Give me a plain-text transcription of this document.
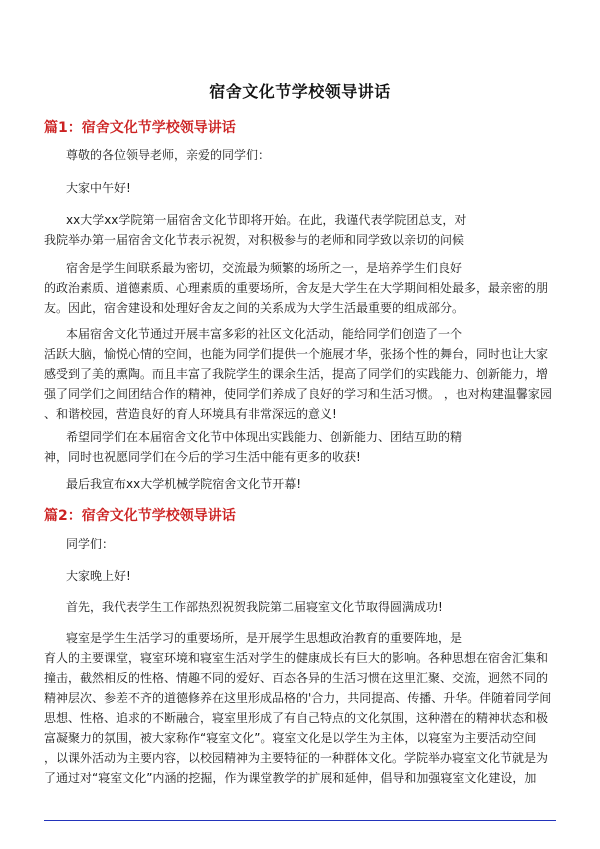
宿舍文化节学校领导讲话
篇1：宿舍文化节学校领导讲话
尊敬的各位领导老师，亲爱的同学们：
大家中午好!
xx大学xx学院第一届宿舍文化节即将开始。在此，我谨代表学院团总支，对
我院举办第一届宿舍文化节表示祝贺，对积极参与的老师和同学致以亲切的问候
宿舍是学生间联系最为密切，交流最为频繁的场所之一，是培养学生们良好
的政治素质、道德素质、心理素质的重要场所，舍友是大学生在大学期间相处最多，最亲密的朋
友。因此，宿舍建设和处理好舍友之间的关系成为大学生活最重要的组成部分。
本届宿舍文化节通过开展丰富多彩的社区文化活动，能给同学们创造了一个
活跃大脑，愉悦心情的空间，也能为同学们提供一个施展才华，张扬个性的舞台，同时也让大家
感受到了美的熏陶。而且丰富了我院学生的课余生活，提高了同学们的实践能力、创新能力，增
强了同学们之间团结合作的精神，使同学们养成了良好的学习和生活习惯。 ，也对构建温馨家园
、和谐校园，营造良好的育人环境具有非常深远的意义!
希望同学们在本届宿舍文化节中体现出实践能力、创新能力、团结互助的精
神，同时也祝愿同学们在今后的学习生活中能有更多的收获!
最后我宣布xx大学机械学院宿舍文化节开幕!
篇2：宿舍文化节学校领导讲话
同学们：
大家晚上好!
首先，我代表学生工作部热烈祝贺我院第二届寝室文化节取得圆满成功!
寝室是学生生活学习的重要场所，是开展学生思想政治教育的重要阵地，是
育人的主要课堂，寝室环境和寝室生活对学生的健康成长有巨大的影响。各种思想在宿舍汇集和
撞击，截然相反的性格、情趣不同的爱好、百态各异的生活习惯在这里汇聚、交流，迥然不同的
精神层次、参差不齐的道德修养在这里形成品格的'合力，共同提高、传播、升华。伴随着同学间
思想、性格、追求的不断融合，寝室里形成了有自己特点的文化氛围，这种潜在的精神状态和极
富凝聚力的氛围，被大家称作“寝室文化”。寝室文化是以学生为主体，以寝室为主要活动空间
，以课外活动为主要内容，以校园精神为主要特征的一种群体文化。学院举办寝室文化节就是为
了通过对“寝室文化”内涵的挖掘，作为课堂教学的扩展和延伸，倡导和加强寝室文化建设，加
